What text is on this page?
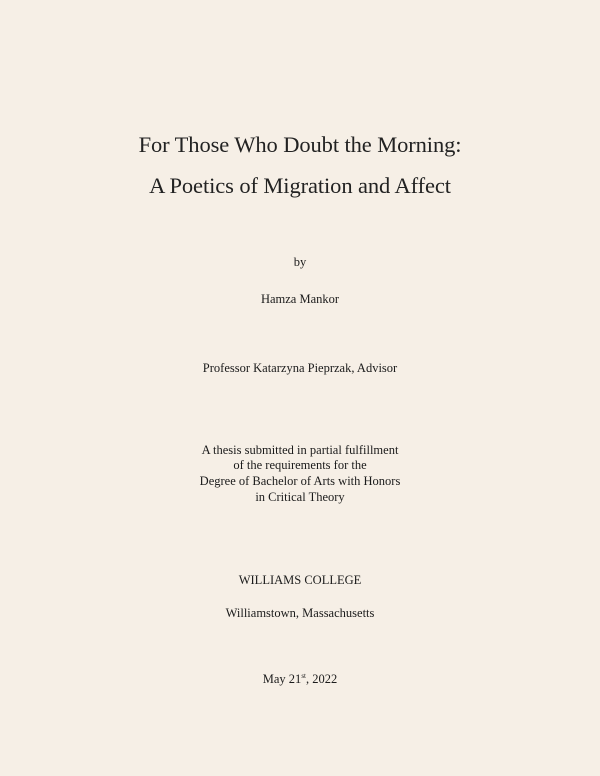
For Those Who Doubt the Morning:
A Poetics of Migration and Affect
by
Hamza Mankor
Professor Katarzyna Pieprzak, Advisor
A thesis submitted in partial fulfillment
of the requirements for the
Degree of Bachelor of Arts with Honors
in Critical Theory
WILLIAMS COLLEGE
Williamstown, Massachusetts
May 21st, 2022
